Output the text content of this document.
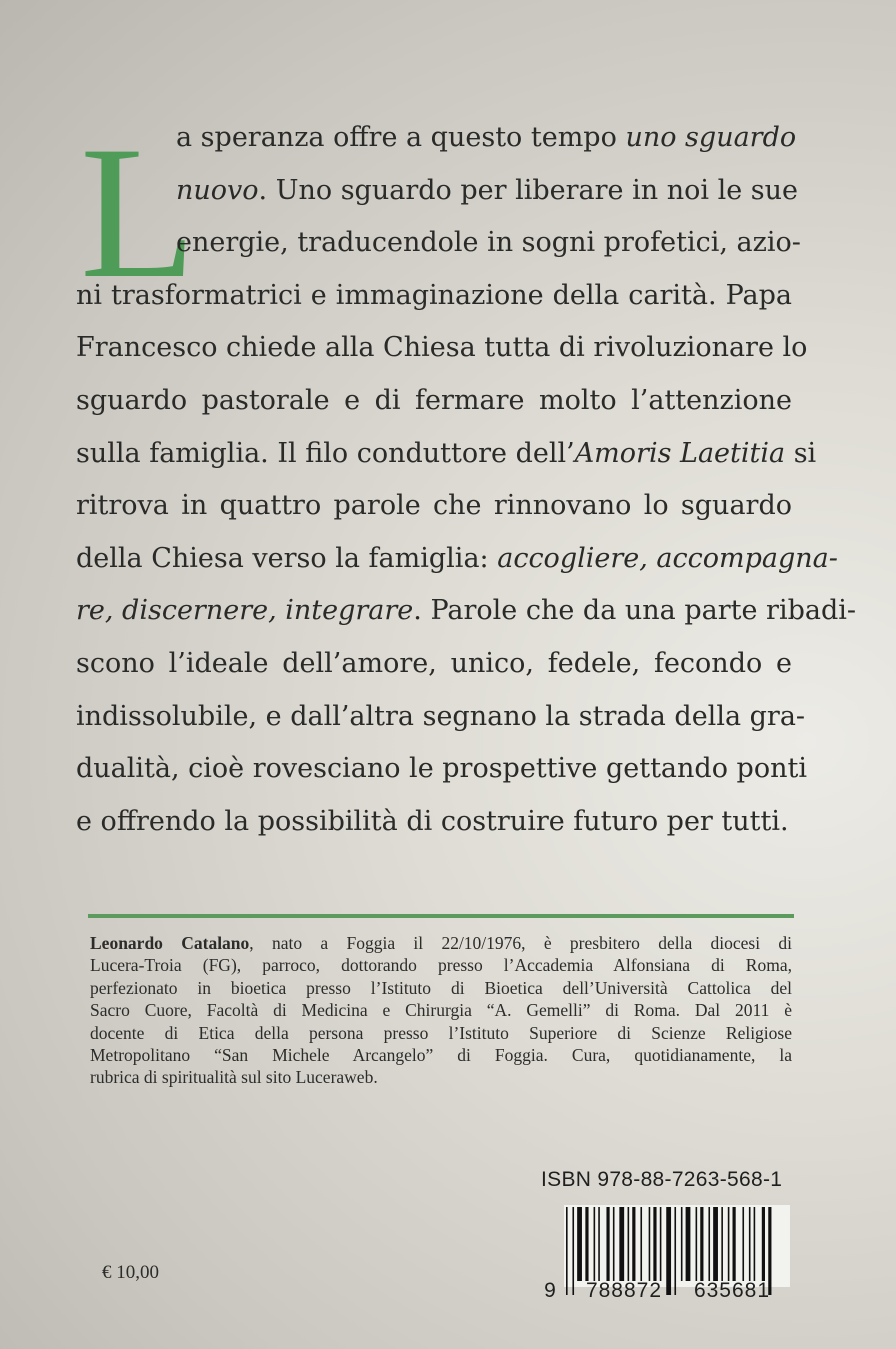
L
a speranza offre a questo tempo uno sguardo
nuovo. Uno sguardo per liberare in noi le sue
energie, traducendole in sogni profetici, azio-
ni trasformatrici e immaginazione della carità. Papa
Francesco chiede alla Chiesa tutta di rivoluzionare lo
sguardo pastorale e di fermare molto l’attenzione
sulla famiglia. Il filo conduttore dell’Amoris Laetitia si
ritrova in quattro parole che rinnovano lo sguardo
della Chiesa verso la famiglia: accogliere, accompagna-
re, discernere, integrare. Parole che da una parte ribadi-
scono l’ideale dell’amore, unico, fedele, fecondo e
indissolubile, e dall’altra segnano la strada della gra-
dualità, cioè rovesciano le prospettive gettando ponti
e offrendo la possibilità di costruire futuro per tutti.
Leonardo Catalano, nato a Foggia il 22/10/1976, è presbitero della diocesi di
Lucera-Troia (FG), parroco, dottorando presso l’Accademia Alfonsiana di Roma,
perfezionato in bioetica presso l’Istituto di Bioetica dell’Università Cattolica del
Sacro Cuore, Facoltà di Medicina e Chirurgia “A. Gemelli” di Roma. Dal 2011 è
docente di Etica della persona presso l’Istituto Superiore di Scienze Religiose
Metropolitano “San Michele Arcangelo” di Foggia. Cura, quotidianamente, la
rubrica di spiritualità sul sito Luceraweb.
ISBN 978-88-7263-568-1
9 788872 635681
€ 10,00
